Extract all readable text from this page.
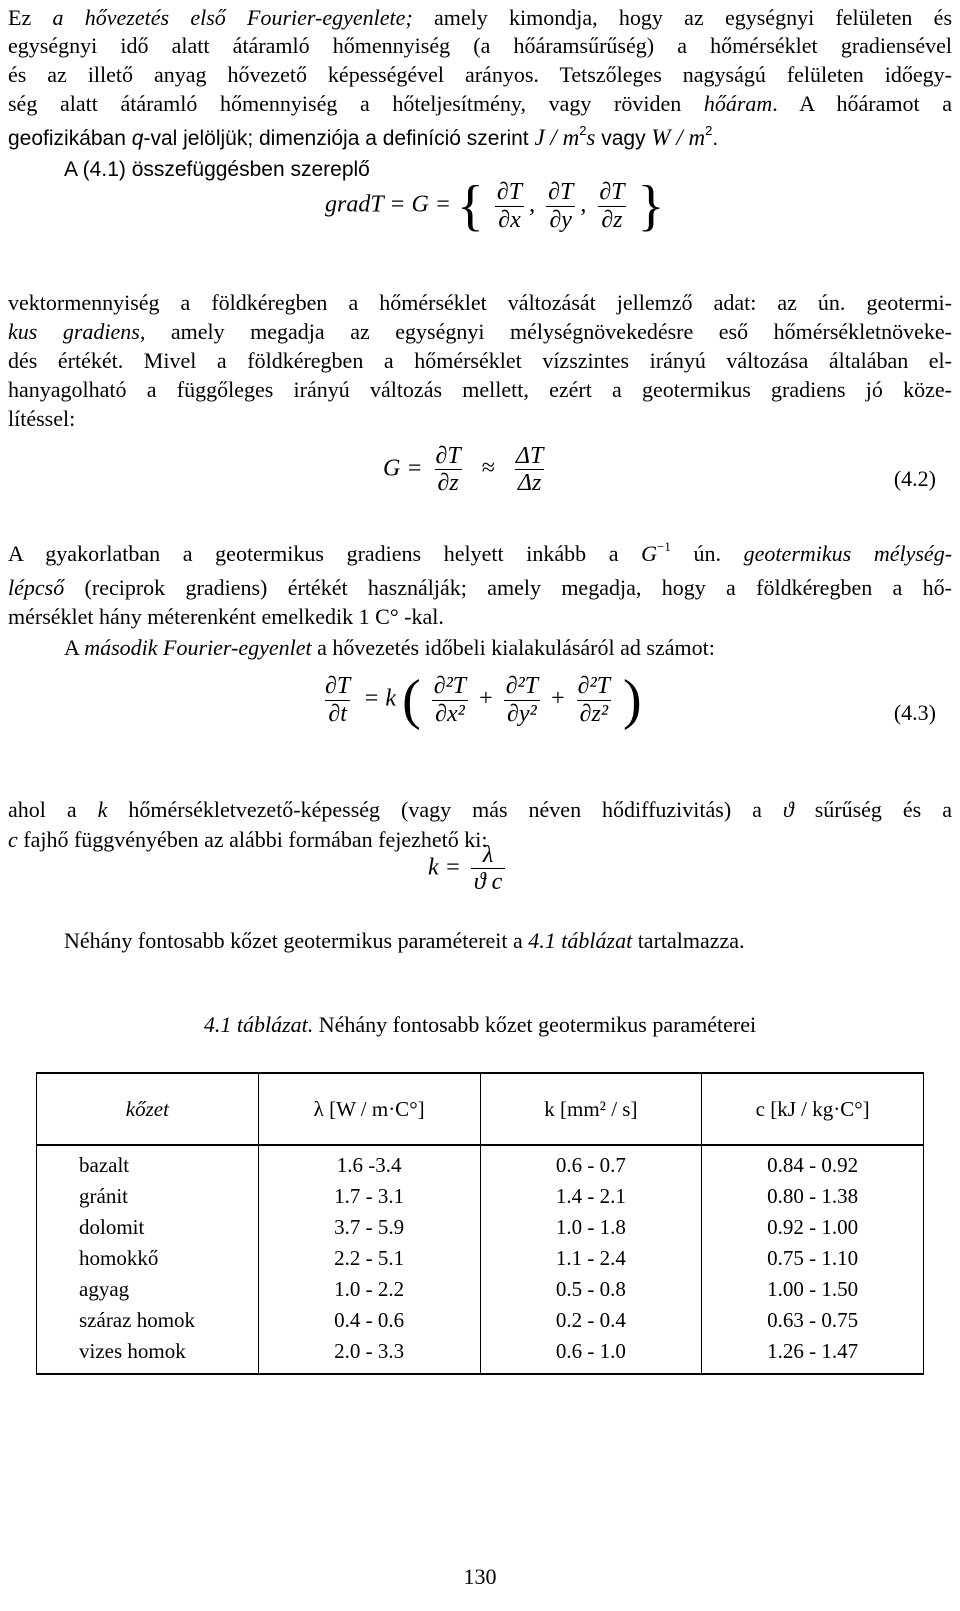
Ez a hővezetés első Fourier-egyenlete; amely kimondja, hogy az egységnyi felületen és
egységnyi idő alatt átáramló hőmennyiség (a hőáramsűrűség) a hőmérséklet gradiensével
és az illető anyag hővezető képességével arányos. Tetszőleges nagyságú felületen időegy-
ség alatt átáramló hőmennyiség a hőteljesítmény, vagy röviden hőáram. A hőáramot a
geofizikában q-val jelöljük; dimenziója a definíció szerint J / $m^2s$ vagy W / $m^2$.
A (4.1) összefüggésben szereplő
gradT = G = { $\frac{\partial T}{\partial x}$ , $\frac{\partial T}{\partial y}$ , $\frac{\partial T}{\partial z}$ }
vektormennyiség a földkéregben a hőmérséklet változását jellemző adat: az ún. geotermi-
kus gradiens, amely megadja az egységnyi mélységnövekedésre eső hőmérsékletnöveke-
dés értékét. Mivel a földkéregben a hőmérséklet vízszintes irányú változása általában el-
hanyagolható a függőleges irányú változás mellett, ezért a geotermikus gradiens jó köze-
lítéssel:
$G = \frac{\partial T}{\partial z} \approx \frac{\Delta T}{\Delta z}$	(4.2)
A gyakorlatban a geotermikus gradiens helyett inkább a $G^{-1}$ ún. geotermikus mélység-
lépcső (reciprok gradiens) értékét használják; amely megadja, hogy a földkéregben a hő-
mérséklet hány méterenként emelkedik 1 C° -kal.
A második Fourier-egyenlet a hővezetés időbeli kialakulásáról ad számot:
$\frac{\partial T}{\partial t} = k$ ( $\frac{\text{∂²T}}{\text{∂x²}} + \frac{\text{∂²T}}{\text{∂y²}} + \frac{\text{∂²T}}{\text{∂z²}}$ )	(4.3)
ahol a k hőmérsékletvezető-képesség (vagy más néven hődiffuzivitás) a ϑ sűrűség és a
c fajhő függvényében az alábbi formában fejezhető ki:
$k = \frac{\lambda}{\text{ϑ c}}$
Néhány fontosabb kőzet geotermikus paramétereit a 4.1 táblázat tartalmazza.
4.1 táblázat. Néhány fontosabb kőzet geotermikus paraméterei
kőzet	λ [W / m·C°]	k [mm² / s]	c [kJ / kg·C°]
bazalt	1.6 -3.4	0.6 - 0.7	0.84 - 0.92
gránit	1.7 - 3.1	1.4 - 2.1	0.80 - 1.38
dolomit	3.7 - 5.9	1.0 - 1.8	0.92 - 1.00
homokkő	2.2 - 5.1	1.1 - 2.4	0.75 - 1.10
agyag	1.0 - 2.2	0.5 - 0.8	1.00 - 1.50
száraz homok	0.4 - 0.6	0.2 - 0.4	0.63 - 0.75
vizes homok	2.0 - 3.3	0.6 - 1.0	1.26 - 1.47
130
